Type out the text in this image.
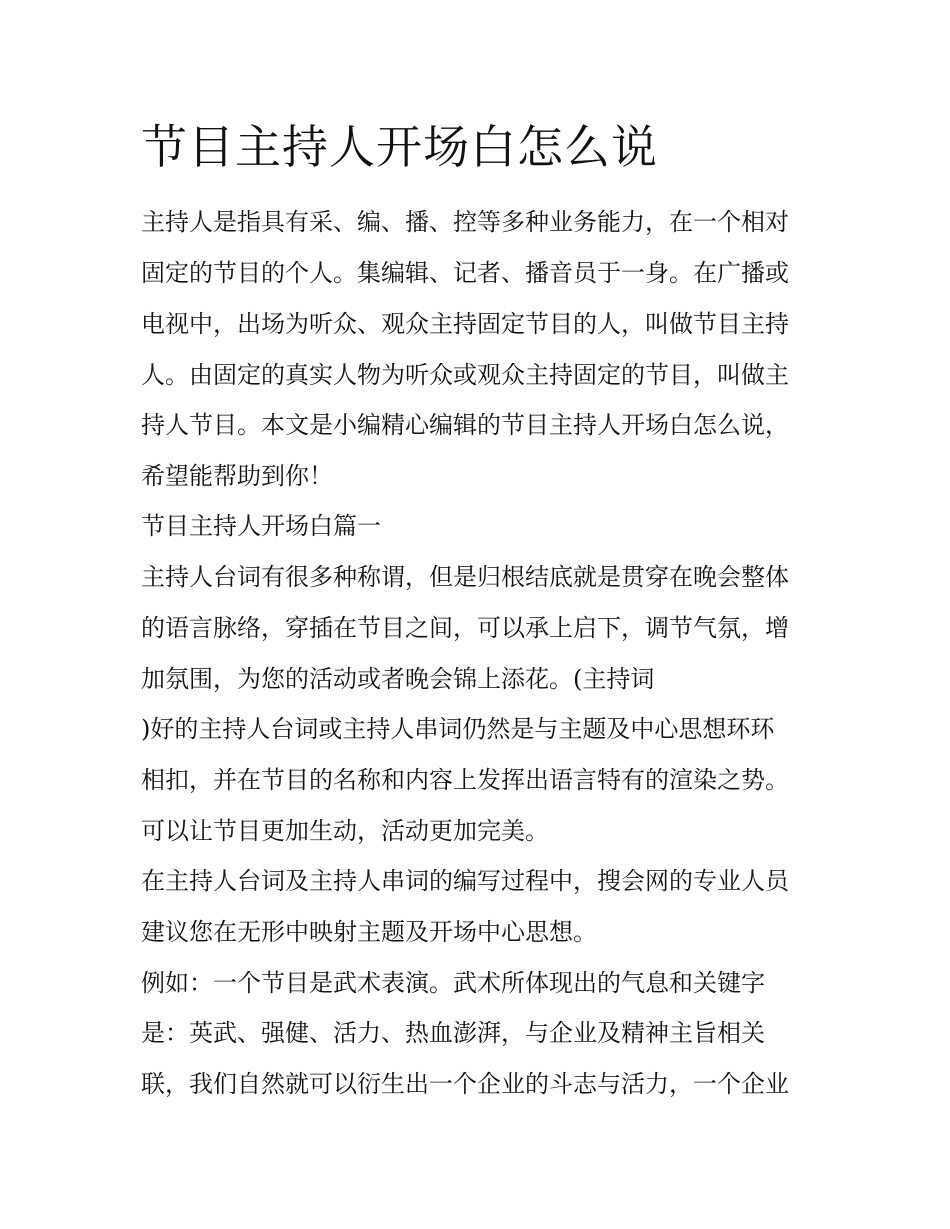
节目主持人开场白怎么说

主持人是指具有采、编、播、控等多种业务能力，在一个相对

固定的节目的个人。集编辑、记者、播音员于一身。在广播或

电视中，出场为听众、观众主持固定节目的人，叫做节目主持

人。由固定的真实人物为听众或观众主持固定的节目，叫做主

持人节目。本文是小编精心编辑的节目主持人开场白怎么说，

希望能帮助到你！

节目主持人开场白篇一

主持人台词有很多种称谓，但是归根结底就是贯穿在晚会整体

的语言脉络，穿插在节目之间，可以承上启下，调节气氛，增

加氛围，为您的活动或者晚会锦上添花。(主持词

)好的主持人台词或主持人串词仍然是与主题及中心思想环环

相扣，并在节目的名称和内容上发挥出语言特有的渲染之势。

可以让节目更加生动，活动更加完美。

在主持人台词及主持人串词的编写过程中，搜会网的专业人员

建议您在无形中映射主题及开场中心思想。

例如：一个节目是武术表演。武术所体现出的气息和关键字

是：英武、强健、活力、热血澎湃，与企业及精神主旨相关

联，我们自然就可以衍生出一个企业的斗志与活力，一个企业
